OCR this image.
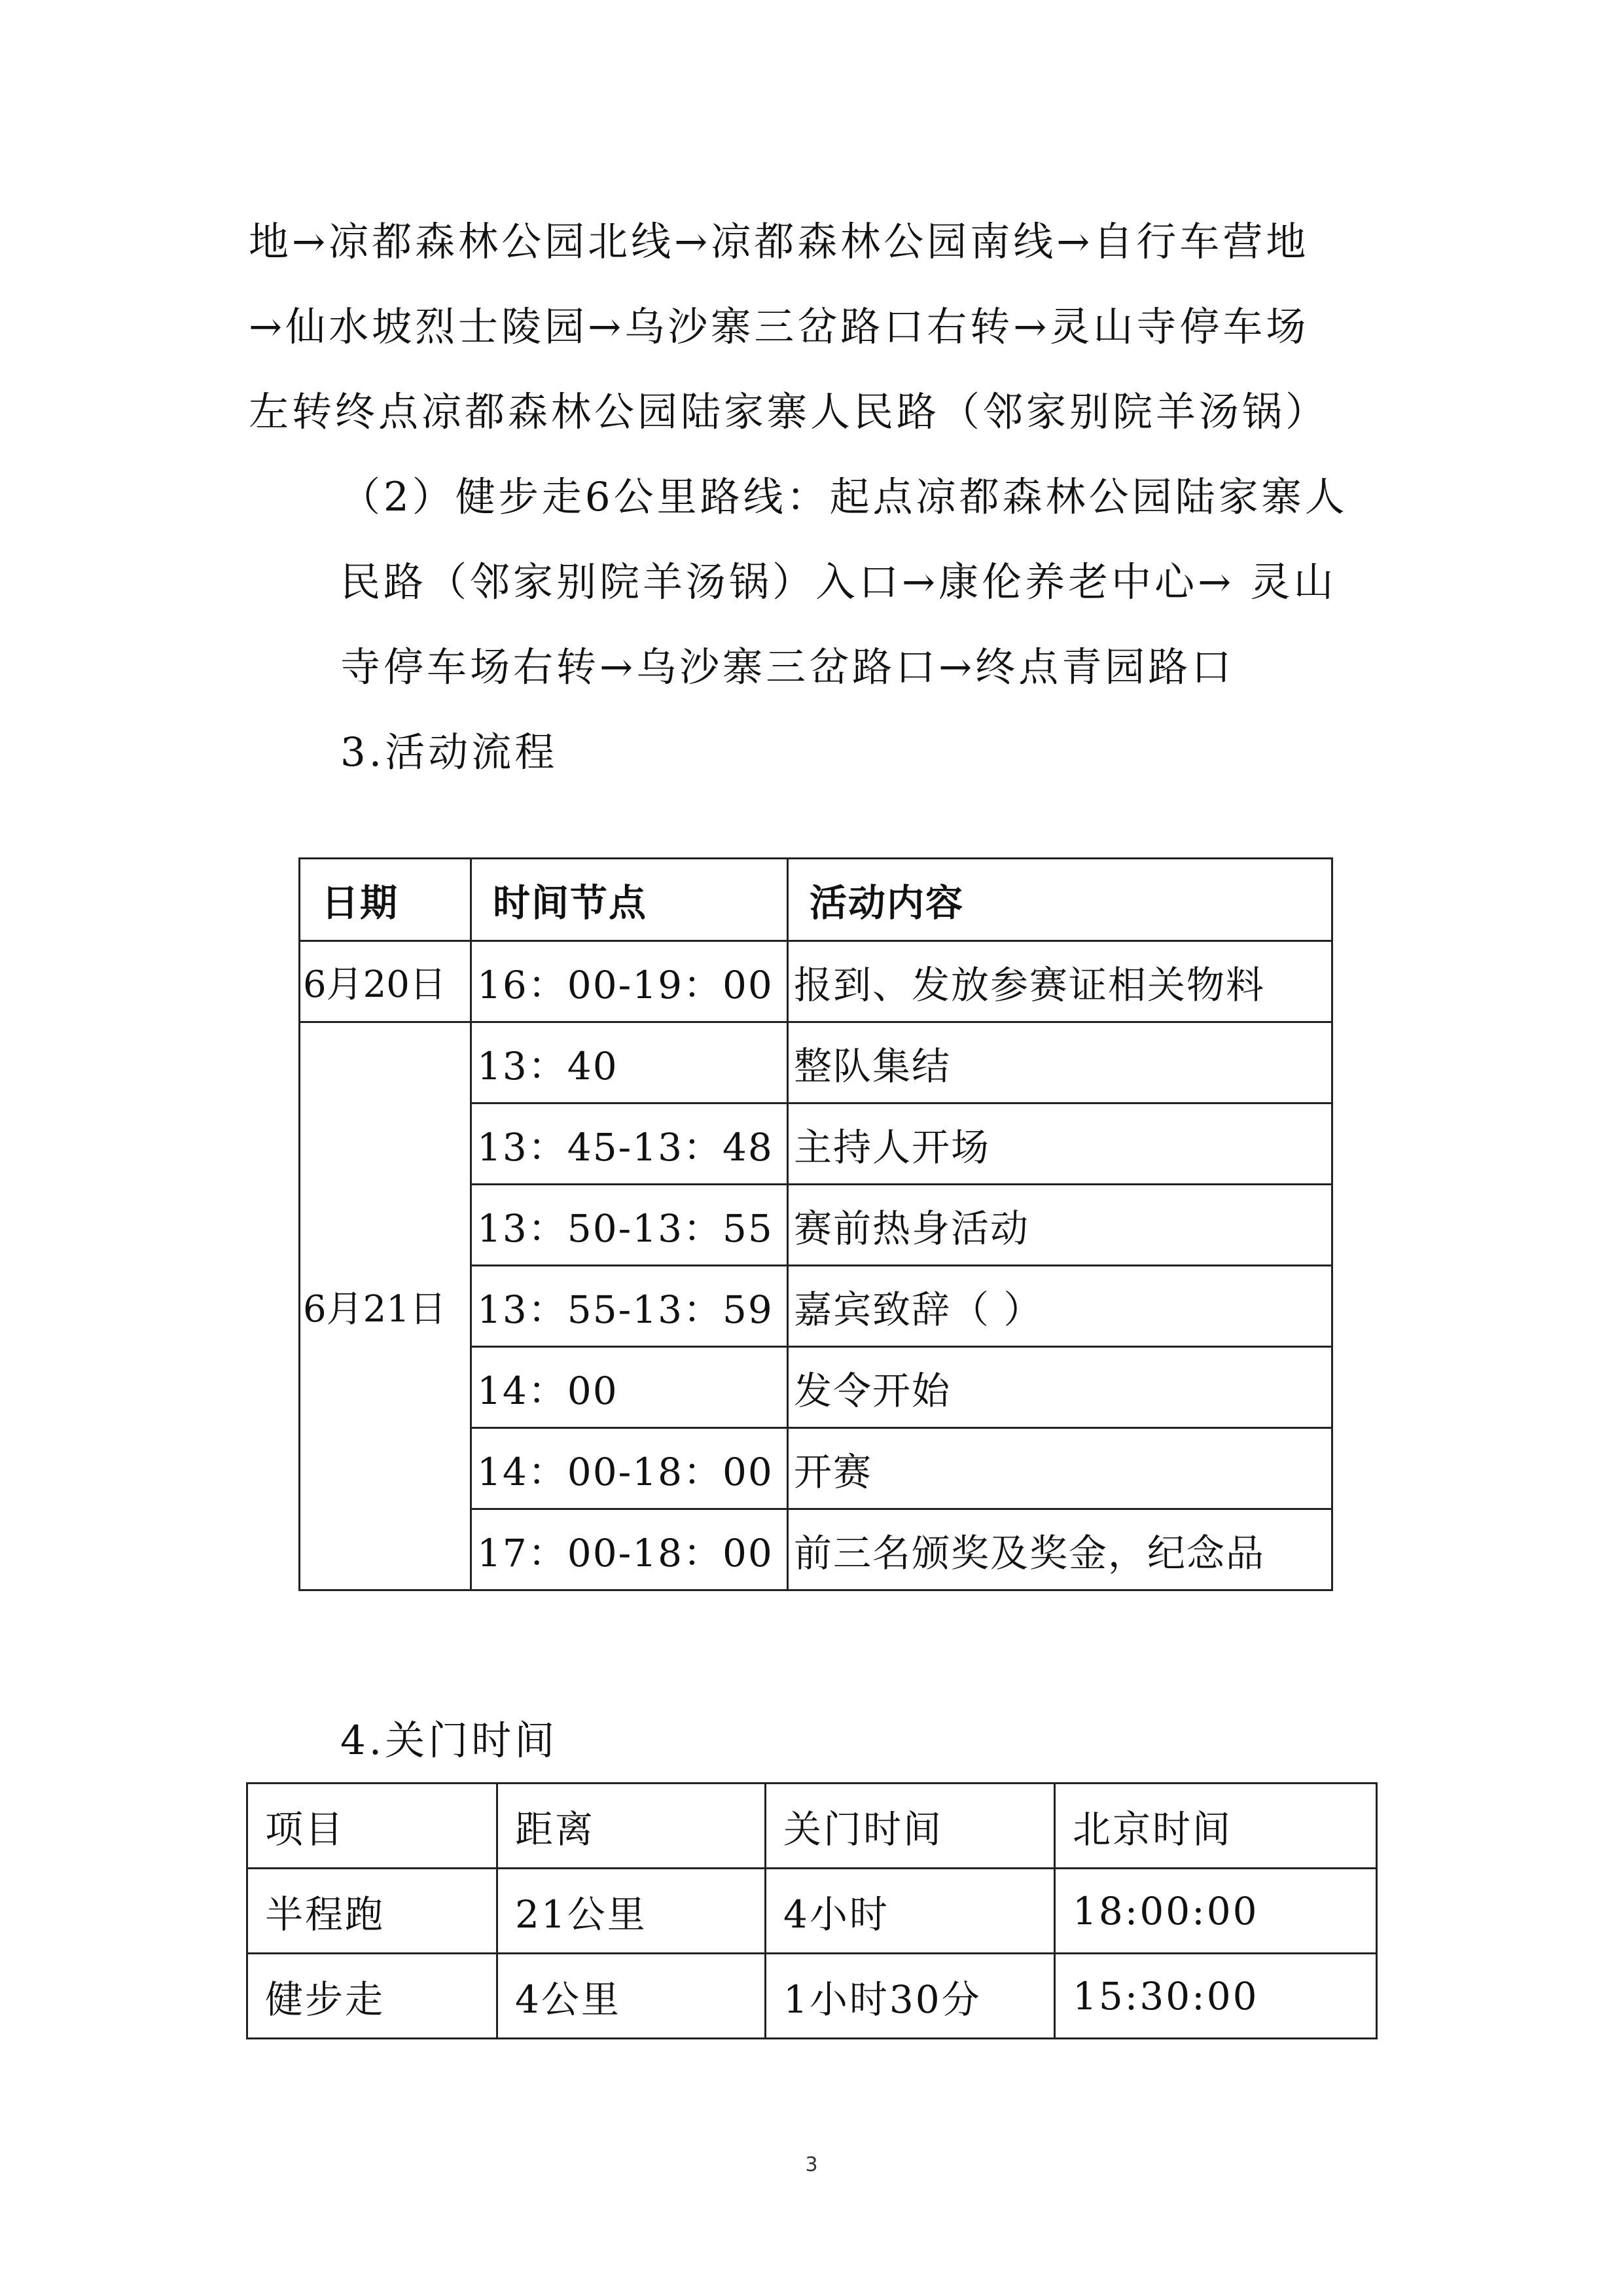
地→凉都森林公园北线→凉都森林公园南线→自行车营地
→仙水坡烈士陵园→乌沙寨三岔路口右转→灵山寺停车场
左转终点凉都森林公园陆家寨人民路（邻家别院羊汤锅）
（2）健步走6公里路线：起点凉都森林公园陆家寨人
民路（邻家别院羊汤锅）入口→康伦养老中心→ 灵山
寺停车场右转→乌沙寨三岔路口→终点青园路口
3.活动流程
日期	时间节点	活动内容
6月20日	16：00-19：00	报到、发放参赛证相关物料
6月21日	13：40	整队集结
	13：45-13：48	主持人开场
	13：50-13：55	赛前热身活动
	13：55-13：59	嘉宾致辞（ ）
	14：00	发令开始
	14：00-18：00	开赛
	17：00-18：00	前三名颁奖及奖金，纪念品
4.关门时间
项目	距离	关门时间	北京时间
半程跑	21公里	4小时	18:00:00
健步走	4公里	1小时30分	15:30:00
3
